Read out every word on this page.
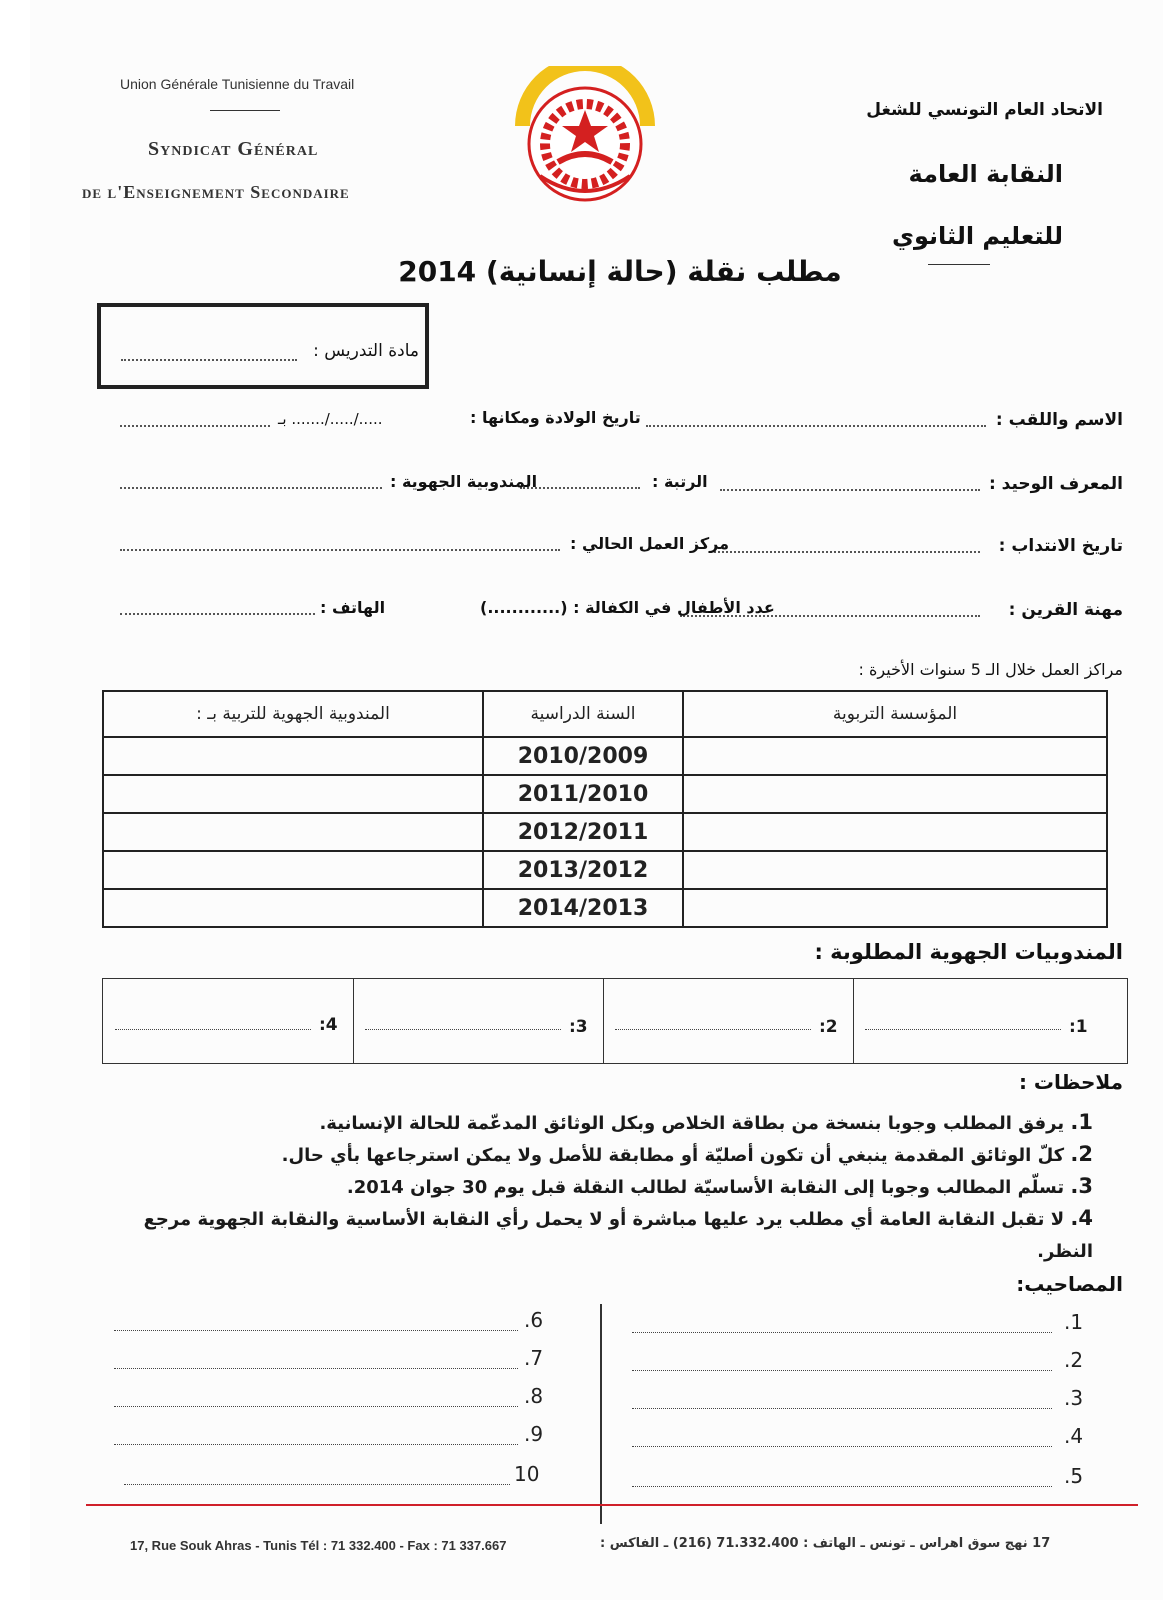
Union Générale Tunisienne du Travail
Syndicat Général
de l'Enseignement Secondaire
الاتحاد العام التونسي للشغل
النقابة العامة
للتعليم الثانوي
مطلب نقلة (حالة إنسانية) 2014
مادة التدريس :
الاسم واللقب :
تاريخ الولادة ومكانها :
...../...../....... بـ
المعرف الوحيد :
الرتبة :
المندوبية الجهوية :
تاريخ الانتداب :
مركز العمل الحالي :
مهنة القرين :
عدد الأطفال في الكفالة : (............)
الهاتف :
مراكز العمل خلال الـ 5 سنوات الأخيرة :
المندوبية الجهوية للتربية بـ :	السنة الدراسية	المؤسسة التربوية
	2010/2009	
	2011/2010	
	2012/2011	
	2013/2012	
	2014/2013	
المندوبيات الجهوية المطلوبة :
:1
:2
:3
:4
ملاحظات :
1. يرفق المطلب وجوبا بنسخة من بطاقة الخلاص وبكل الوثائق المدعّمة للحالة الإنسانية.
2. كلّ الوثائق المقدمة ينبغي أن تكون أصليّة أو مطابقة للأصل ولا يمكن استرجاعها بأي حال.
3. تسلّم المطالب وجوبا إلى النقابة الأساسيّة لطالب النقلة قبل يوم 30 جوان 2014.
4. لا تقبل النقابة العامة أي مطلب يرد عليها مباشرة أو لا يحمل رأي النقابة الأساسية والنقابة الجهوية مرجع النظر.
المصاحيب:
.1
.2
.3
.4
.5
.6
.7
.8
.9
10
17, Rue Souk Ahras - Tunis Tél : 71 332.400 - Fax : 71 337.667	17 نهج سوق اهراس ـ تونس ـ الهاتف : 71.332.400 (216) ـ الفاكس :
